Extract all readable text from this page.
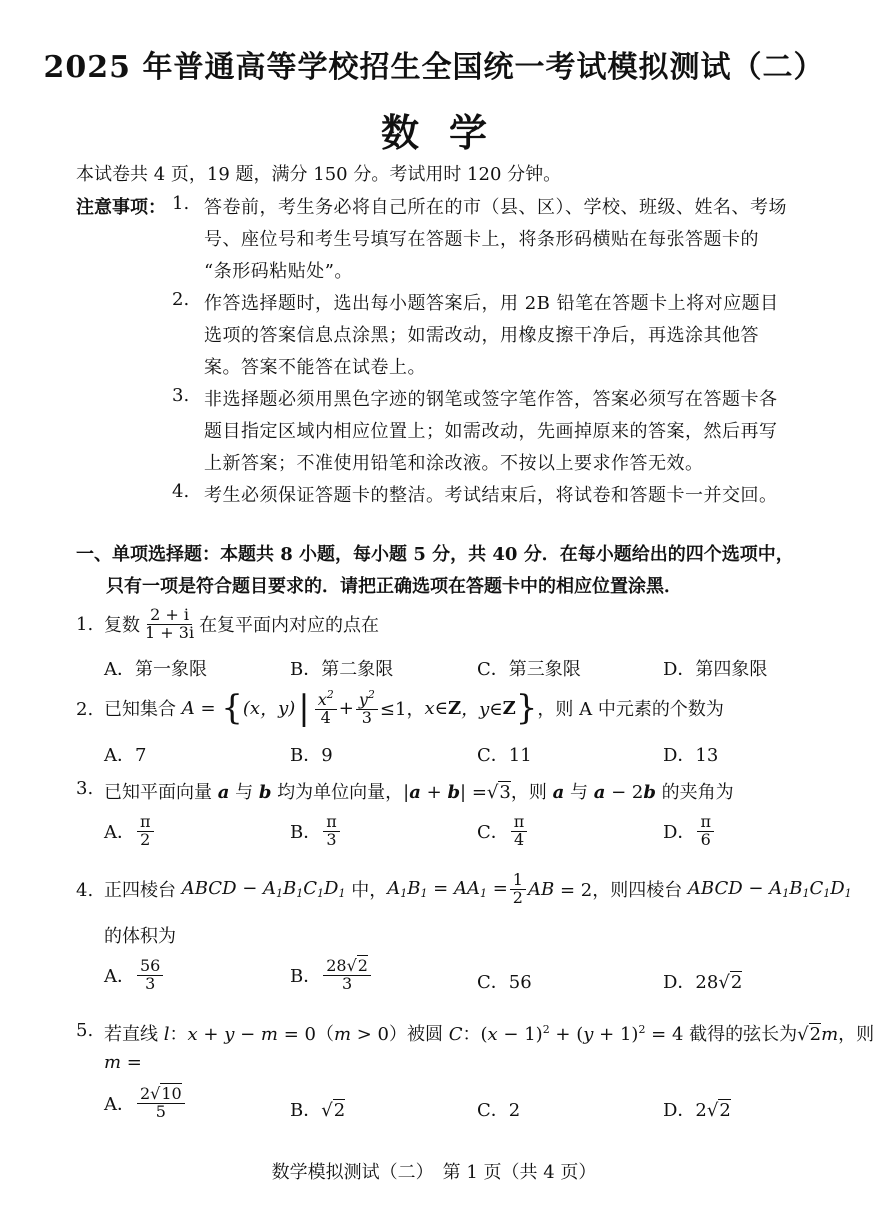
2025 年普通高等学校招生全国统一考试模拟测试（二）
数学
本试卷共 4 页，19 题，满分 150 分。考试用时 120 分钟。
注意事项： 1. 答卷前，考生务必将自己所在的市（县、区）、学校、班级、姓名、考场
号、座位号和考生号填写在答题卡上，将条形码横贴在每张答题卡的
“条形码粘贴处”。
2. 作答选择题时，选出每小题答案后，用 2B 铅笔在答题卡上将对应题目
选项的答案信息点涂黑；如需改动，用橡皮擦干净后，再选涂其他答
案。答案不能答在试卷上。
3. 非选择题必须用黑色字迹的钢笔或签字笔作答，答案必须写在答题卡各
题目指定区域内相应位置上；如需改动，先画掉原来的答案，然后再写
上新答案；不准使用铅笔和涂改液。不按以上要求作答无效。
4. 考生必须保证答题卡的整洁。考试结束后，将试卷和答题卡一并交回。
一、单项选择题：本题共 8 小题，每小题 5 分，共 40 分．在每小题给出的四个选项中，
只有一项是符合题目要求的．请把正确选项在答题卡中的相应位置涂黑．
1. 复数 $\frac{2 + i}{1 + 3i}$ 在复平面内对应的点在
A．第一象限	B．第二象限	C．第三象限	D．第四象限
2. 已知集合 A = { ( x ， y ) | $\frac{x^2}{4} + \frac{y^2}{3} \le 1$， x∈ Z ，y∈ Z } ，则 A 中元素的个数为
A．7	B．9	C．11	D．13
3. 已知平面向量 a 与 b 均为单位向量，|a + b| =√3，则 a 与 a − 2b 的夹角为
A． $\frac{\pi}{2}$	B． $\frac{\pi}{3}$	C． $\frac{\pi}{4}$	D． $\frac{\pi}{6}$
4. 正四棱台 ABCD − $A_1B_1C_1D_1$ 中， $A_1B_1 = AA_1 = \frac{1}{2}$ AB = 2，则四棱台 ABCD − $A_1B_1C_1D_1$
的体积为
A． $\frac{56}{3}$	B． $\frac{28√2}{3}$	C．56	D．28√2
5. 若直线 l：x + y − m = 0（m > 0）被圆 C：$(x - 1)^2 + (y + 1)^2 = 4$ 截得的弦长为√2m，则
m =
A． $\frac{2√10}{5}$	B．√2	C．2	D．2√2
数学模拟测试（二）　第 1 页（共 4 页）
